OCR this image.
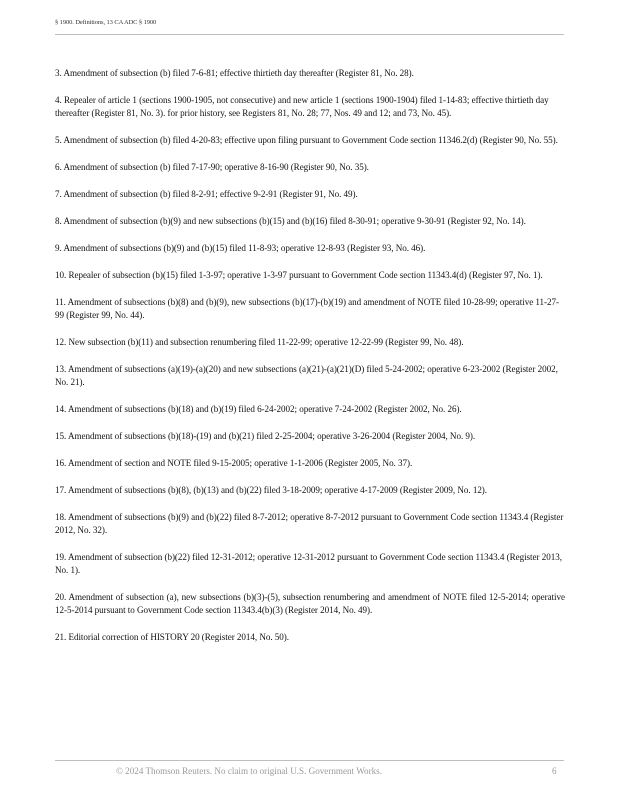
§ 1900. Definitions, 13 CA ADC § 1900

3. Amendment of subsection (b) filed 7-6-81; effective thirtieth day thereafter (Register 81, No. 28).

4. Repealer of article 1 (sections 1900-1905, not consecutive) and new article 1 (sections 1900-1904) filed 1-14-83; effective thirtieth day thereafter (Register 81, No. 3). for prior history, see Registers 81, No. 28; 77, Nos. 49 and 12; and 73, No. 45).

5. Amendment of subsection (b) filed 4-20-83; effective upon filing pursuant to Government Code section 11346.2(d) (Register 90, No. 55).

6. Amendment of subsection (b) filed 7-17-90; operative 8-16-90 (Register 90, No. 35).

7. Amendment of subsection (b) filed 8-2-91; effective 9-2-91 (Register 91, No. 49).

8. Amendment of subsection (b)(9) and new subsections (b)(15) and (b)(16) filed 8-30-91; operative 9-30-91 (Register 92, No. 14).

9. Amendment of subsections (b)(9) and (b)(15) filed 11-8-93; operative 12-8-93 (Register 93, No. 46).

10. Repealer of subsection (b)(15) filed 1-3-97; operative 1-3-97 pursuant to Government Code section 11343.4(d) (Register 97, No. 1).

11. Amendment of subsections (b)(8) and (b)(9), new subsections (b)(17)-(b)(19) and amendment of NOTE filed 10-28-99; operative 11-27-99 (Register 99, No. 44).

12. New subsection (b)(11) and subsection renumbering filed 11-22-99; operative 12-22-99 (Register 99, No. 48).

13. Amendment of subsections (a)(19)-(a)(20) and new subsections (a)(21)-(a)(21)(D) filed 5-24-2002; operative 6-23-2002 (Register 2002, No. 21).

14. Amendment of subsections (b)(18) and (b)(19) filed 6-24-2002; operative 7-24-2002 (Register 2002, No. 26).

15. Amendment of subsections (b)(18)-(19) and (b)(21) filed 2-25-2004; operative 3-26-2004 (Register 2004, No. 9).

16. Amendment of section and NOTE filed 9-15-2005; operative 1-1-2006 (Register 2005, No. 37).

17. Amendment of subsections (b)(8), (b)(13) and (b)(22) filed 3-18-2009; operative 4-17-2009 (Register 2009, No. 12).

18. Amendment of subsections (b)(9) and (b)(22) filed 8-7-2012; operative 8-7-2012 pursuant to Government Code section 11343.4 (Register 2012, No. 32).

19. Amendment of subsection (b)(22) filed 12-31-2012; operative 12-31-2012 pursuant to Government Code section 11343.4 (Register 2013, No. 1).

20. Amendment of subsection (a), new subsections (b)(3)-(5), subsection renumbering and amendment of NOTE filed 12-5-2014; operative 12-5-2014 pursuant to Government Code section 11343.4(b)(3) (Register 2014, No. 49).

21. Editorial correction of HISTORY 20 (Register 2014, No. 50).

© 2024 Thomson Reuters. No claim to original U.S. Government Works.	6
